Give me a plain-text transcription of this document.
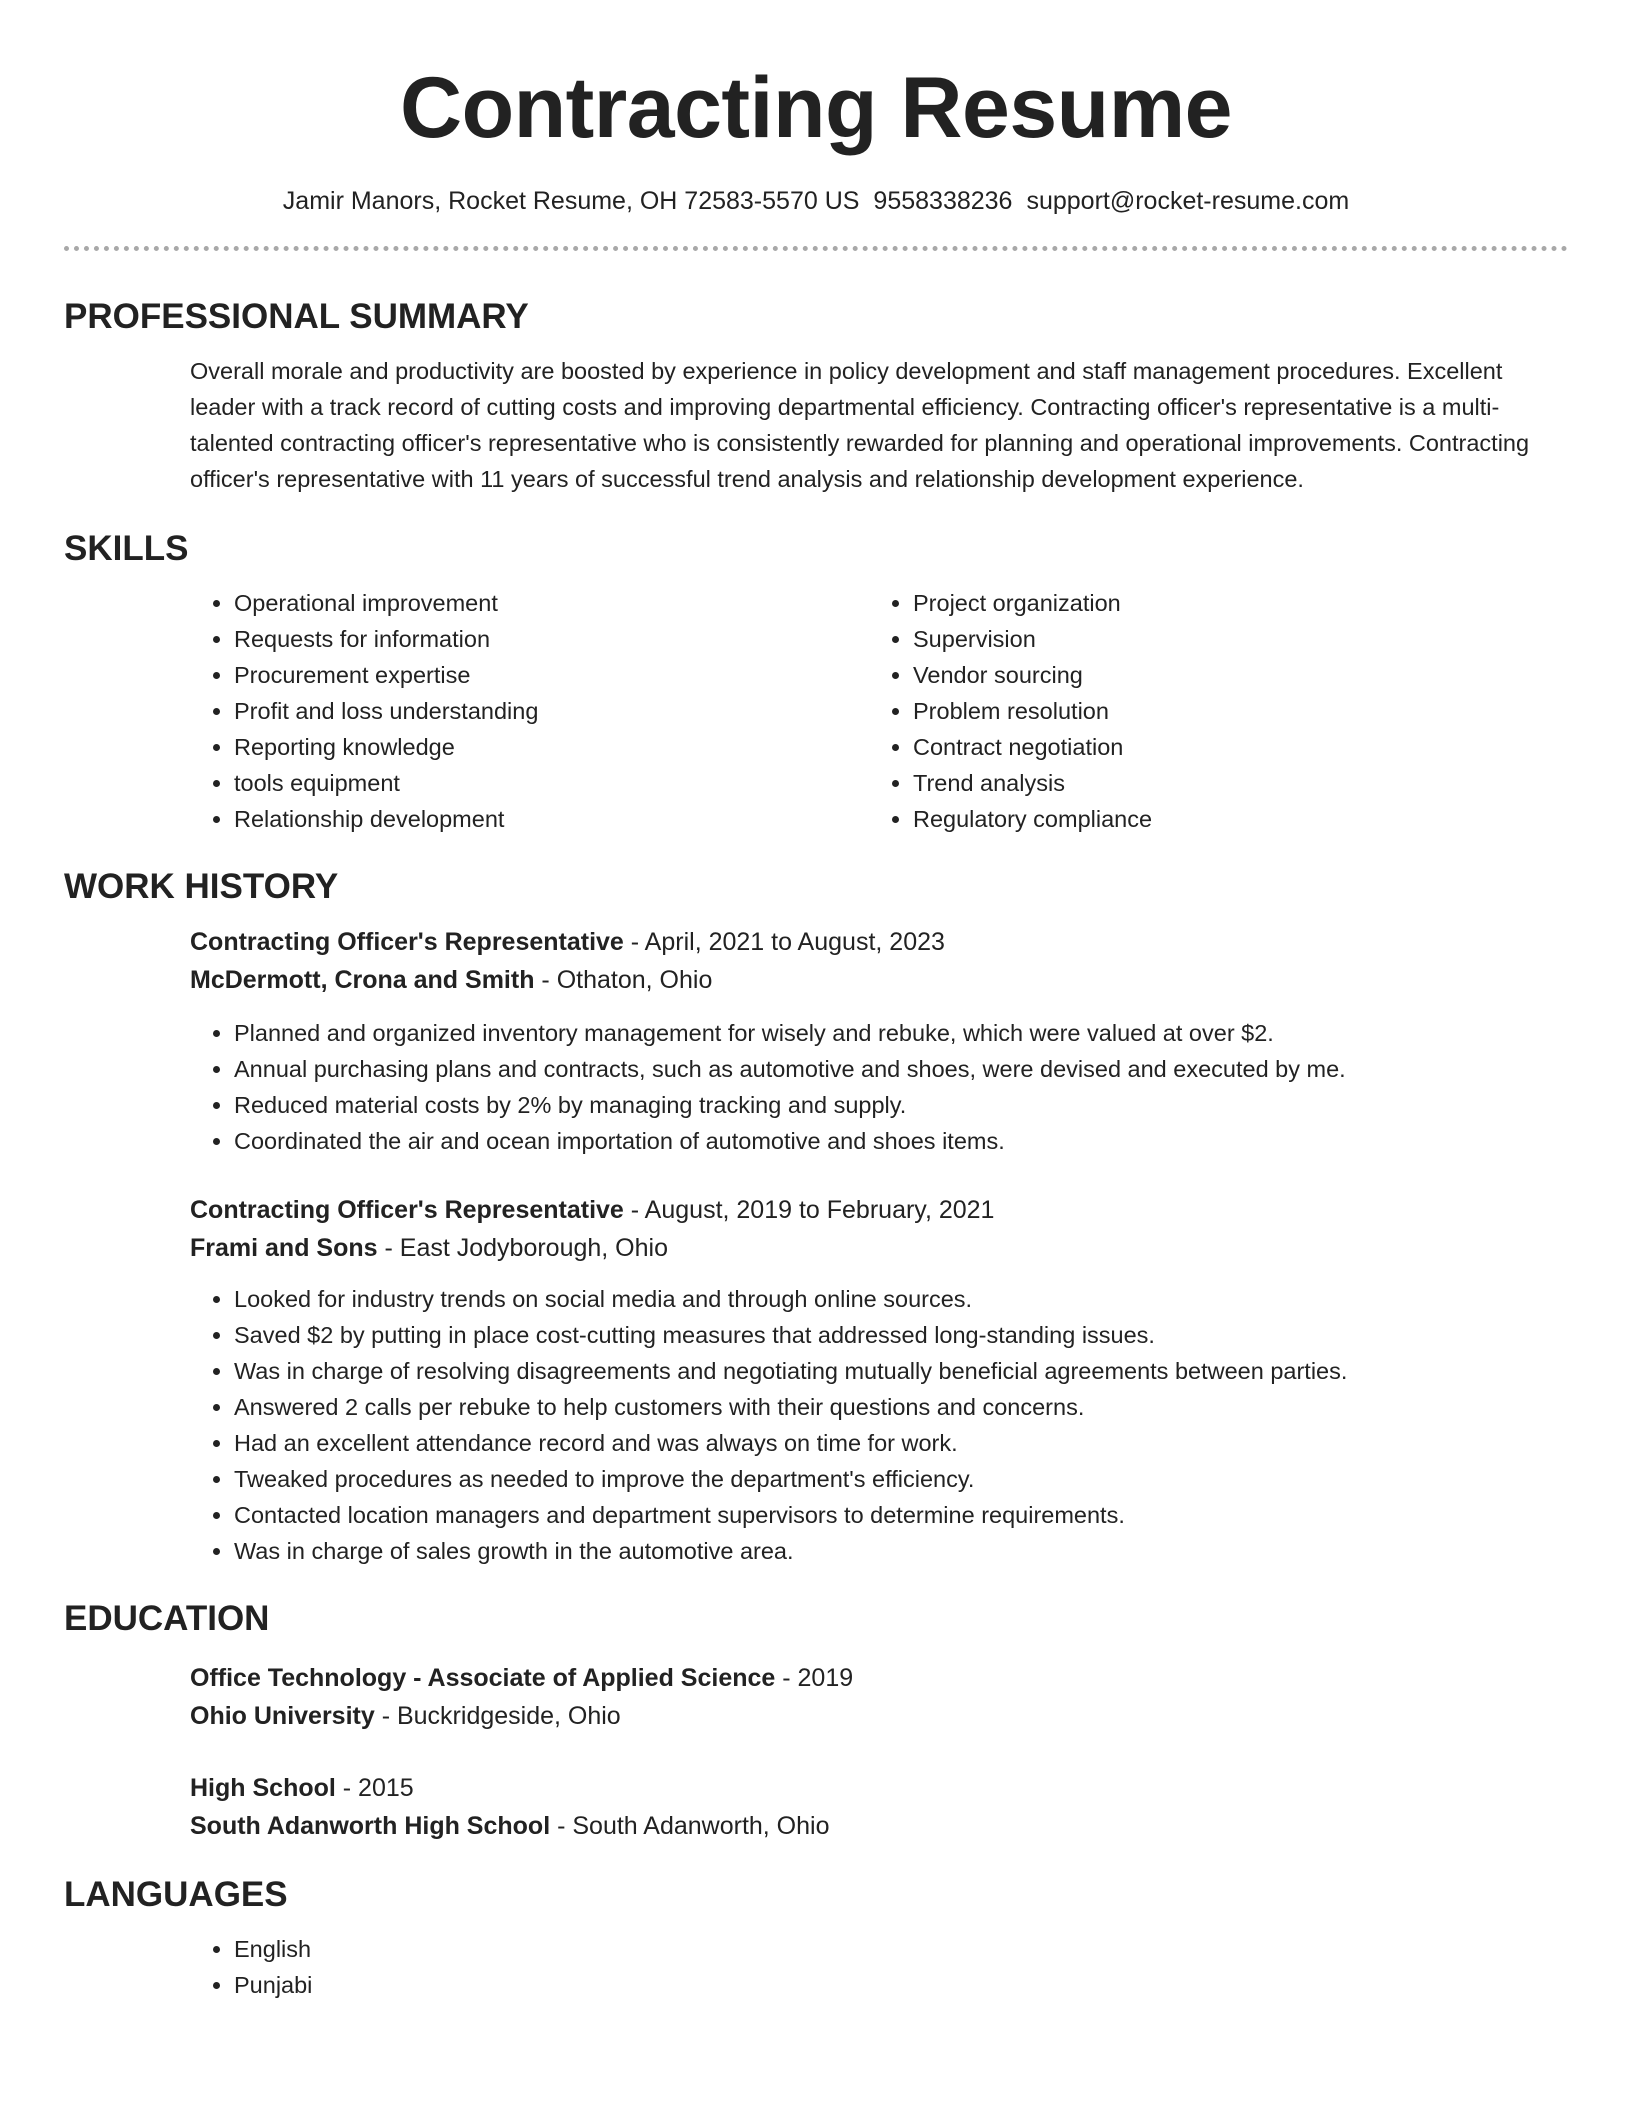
Contracting Resume
Jamir Manors, Rocket Resume, OH 72583-5570 US 9558338236 support@rocket-resume.com
PROFESSIONAL SUMMARY
Overall morale and productivity are boosted by experience in policy development and staff management procedures. Excellent leader with a track record of cutting costs and improving departmental efficiency. Contracting officer's representative is a multi-talented contracting officer's representative who is consistently rewarded for planning and operational improvements. Contracting officer's representative with 11 years of successful trend analysis and relationship development experience.
SKILLS
• Operational improvement
• Requests for information
• Procurement expertise
• Profit and loss understanding
• Reporting knowledge
• tools equipment
• Relationship development
• Project organization
• Supervision
• Vendor sourcing
• Problem resolution
• Contract negotiation
• Trend analysis
• Regulatory compliance
WORK HISTORY
Contracting Officer's Representative - April, 2021 to August, 2023
McDermott, Crona and Smith - Othaton, Ohio
• Planned and organized inventory management for wisely and rebuke, which were valued at over $2.
• Annual purchasing plans and contracts, such as automotive and shoes, were devised and executed by me.
• Reduced material costs by 2% by managing tracking and supply.
• Coordinated the air and ocean importation of automotive and shoes items.
Contracting Officer's Representative - August, 2019 to February, 2021
Frami and Sons - East Jodyborough, Ohio
• Looked for industry trends on social media and through online sources.
• Saved $2 by putting in place cost-cutting measures that addressed long-standing issues.
• Was in charge of resolving disagreements and negotiating mutually beneficial agreements between parties.
• Answered 2 calls per rebuke to help customers with their questions and concerns.
• Had an excellent attendance record and was always on time for work.
• Tweaked procedures as needed to improve the department's efficiency.
• Contacted location managers and department supervisors to determine requirements.
• Was in charge of sales growth in the automotive area.
EDUCATION
Office Technology - Associate of Applied Science - 2019
Ohio University - Buckridgeside, Ohio
High School - 2015
South Adanworth High School - South Adanworth, Ohio
LANGUAGES
• English
• Punjabi
